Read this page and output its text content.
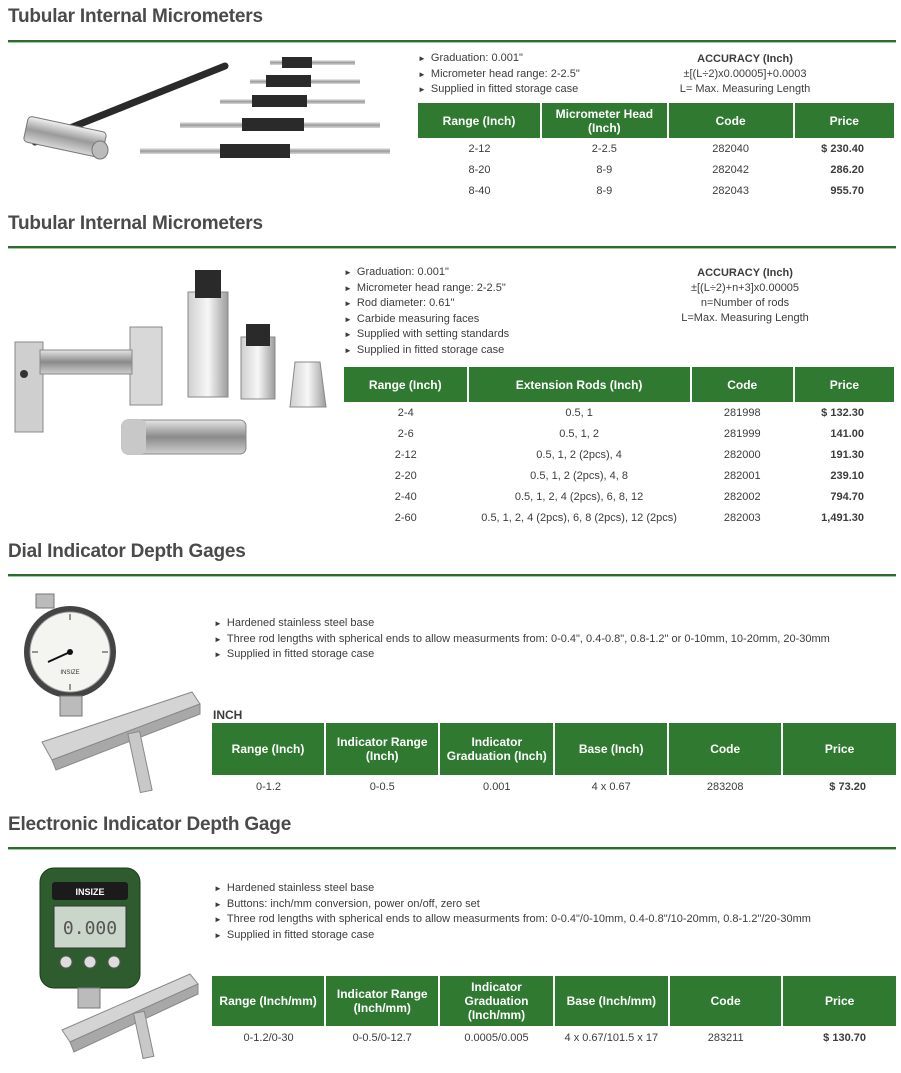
Tubular Internal Micrometers
► Graduation: 0.001"
► Micrometer head range: 2-2.5"
► Supplied in fitted storage case
ACCURACY (Inch)
±[(L÷2)x0.00005]+0.0003
L= Max. Measuring Length
Range (Inch)	Micrometer Head (Inch)	Code	Price
2-12	2-2.5	282040	$ 230.40
8-20	8-9	282042	286.20
8-40	8-9	282043	955.70
Tubular Internal Micrometers
► Graduation: 0.001"
► Micrometer head range: 2-2.5"
► Rod diameter: 0.61"
► Carbide measuring faces
► Supplied with setting standards
► Supplied in fitted storage case
ACCURACY (Inch)
±[(L÷2)+n+3]x0.00005
n=Number of rods
L=Max. Measuring Length
Range (Inch)	Extension Rods (Inch)	Code	Price
2-4	0.5, 1	281998	$ 132.30
2-6	0.5, 1, 2	281999	141.00
2-12	0.5, 1, 2 (2pcs), 4	282000	191.30
2-20	0.5, 1, 2 (2pcs), 4, 8	282001	239.10
2-40	0.5, 1, 2, 4 (2pcs), 6, 8, 12	282002	794.70
2-60	0.5, 1, 2, 4 (2pcs), 6, 8 (2pcs), 12 (2pcs)	282003	1,491.30
Dial Indicator Depth Gages
INSIZE
► Hardened stainless steel base
► Three rod lengths with spherical ends to allow measurments from: 0-0.4", 0.4-0.8", 0.8-1.2" or 0-10mm, 10-20mm, 20-30mm
► Supplied in fitted storage case
INCH
Range (Inch)	Indicator Range (Inch)	Indicator Graduation (Inch)	Base (Inch)	Code	Price
0-1.2	0-0.5	0.001	4 x 0.67	283208	$ 73.20
Electronic Indicator Depth Gage
INSIZE
0.000
► Hardened stainless steel base
► Buttons: inch/mm conversion, power on/off, zero set
► Three rod lengths with spherical ends to allow measurments from: 0-0.4"/0-10mm, 0.4-0.8"/10-20mm, 0.8-1.2"/20-30mm
► Supplied in fitted storage case
Range (Inch/mm)	Indicator Range (Inch/mm)	Indicator Graduation (Inch/mm)	Base (Inch/mm)	Code	Price
0-1.2/0-30	0-0.5/0-12.7	0.0005/0.005	4 x 0.67/101.5 x 17	283211	$ 130.70
